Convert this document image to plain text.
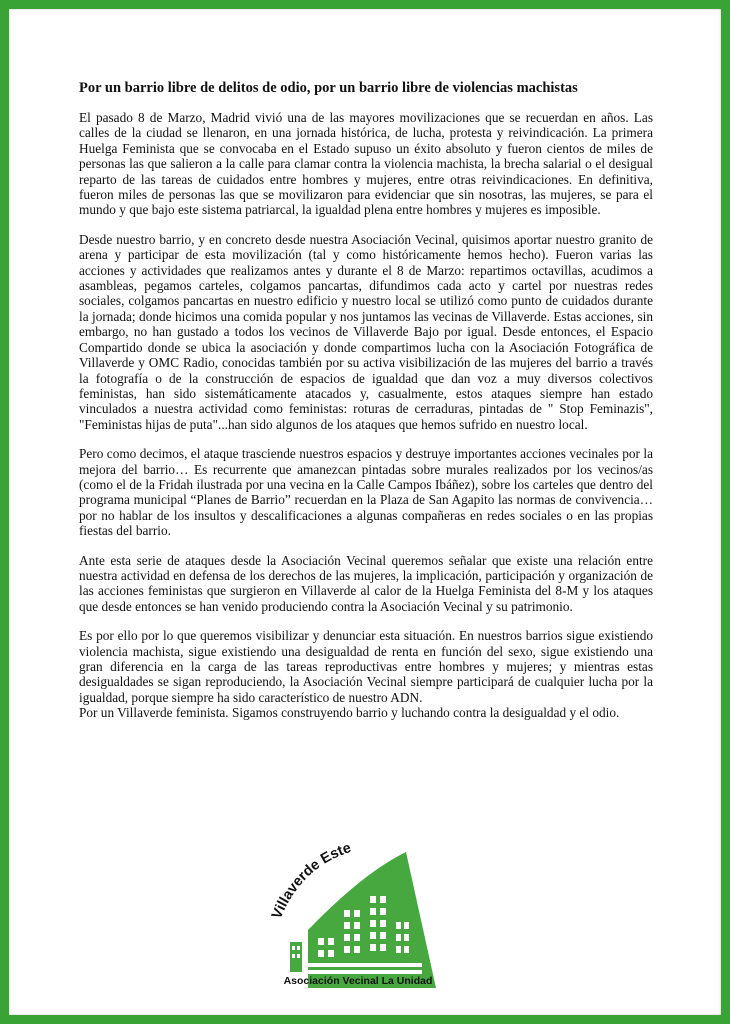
Por un barrio libre de delitos de odio, por un barrio libre de violencias machistas

El pasado 8 de Marzo, Madrid vivió una de las mayores movilizaciones que se recuerdan en años. Las calles de la ciudad se llenaron, en una jornada histórica, de lucha, protesta y reivindicación. La primera Huelga Feminista que se convocaba en el Estado supuso un éxito absoluto y fueron cientos de miles de personas las que salieron a la calle para clamar contra la violencia machista, la brecha salarial o el desigual reparto de las tareas de cuidados entre hombres y mujeres, entre otras reivindicaciones. En definitiva, fueron miles de personas las que se movilizaron para evidenciar que sin nosotras, las mujeres, se para el mundo y que bajo este sistema patriarcal, la igualdad plena entre hombres y mujeres es imposible.

Desde nuestro barrio, y en concreto desde nuestra Asociación Vecinal, quisimos aportar nuestro granito de arena y participar de esta movilización (tal y como históricamente hemos hecho). Fueron varias las acciones y actividades que realizamos antes y durante el 8 de Marzo: repartimos octavillas, acudimos a asambleas, pegamos carteles, colgamos pancartas, difundimos cada acto y cartel por nuestras redes sociales, colgamos pancartas en nuestro edificio y nuestro local se utilizó como punto de cuidados durante la jornada; donde hicimos una comida popular y nos juntamos las vecinas de Villaverde. Estas acciones, sin embargo, no han gustado a todos los vecinos de Villaverde Bajo por igual. Desde entonces, el Espacio Compartido donde se ubica la asociación y donde compartimos lucha con la Asociación Fotográfica de Villaverde y OMC Radio, conocidas también por su activa visibilización de las mujeres del barrio a través la fotografía o de la construcción de espacios de igualdad que dan voz a muy diversos colectivos feministas, han sido sistemáticamente atacados y, casualmente, estos ataques siempre han estado vinculados a nuestra actividad como feministas: roturas de cerraduras, pintadas de " Stop Feminazis", "Feministas hijas de puta"...han sido algunos de los ataques que hemos sufrido en nuestro local.

Pero como decimos, el ataque trasciende nuestros espacios y destruye importantes acciones vecinales por la mejora del barrio… Es recurrente que amanezcan pintadas sobre murales realizados por los vecinos/as (como el de la Fridah ilustrada por una vecina en la Calle Campos Ibáñez), sobre los carteles que dentro del programa municipal “Planes de Barrio” recuerdan en la Plaza de San Agapito las normas de convivencia… por no hablar de los insultos y descalificaciones a algunas compañeras en redes sociales o en las propias fiestas del barrio.

Ante esta serie de ataques desde la Asociación Vecinal queremos señalar que existe una relación entre nuestra actividad en defensa de los derechos de las mujeres, la implicación, participación y organización de las acciones feministas que surgieron en Villaverde al calor de la Huelga Feminista del 8-M y los ataques que desde entonces se han venido produciendo contra la Asociación Vecinal y su patrimonio.

Es por ello por lo que queremos visibilizar y denunciar esta situación. En nuestros barrios sigue existiendo violencia machista, sigue existiendo una desigualdad de renta en función del sexo, sigue existiendo una gran diferencia en la carga de las tareas reproductivas entre hombres y mujeres; y mientras estas desigualdades se sigan reproduciendo, la Asociación Vecinal siempre participará de cualquier lucha por la igualdad, porque siempre ha sido característico de nuestro ADN.

Por un Villaverde feminista. Sigamos construyendo barrio y luchando contra la desigualdad y el odio.

Villaverde Este
Asociación Vecinal La Unidad
